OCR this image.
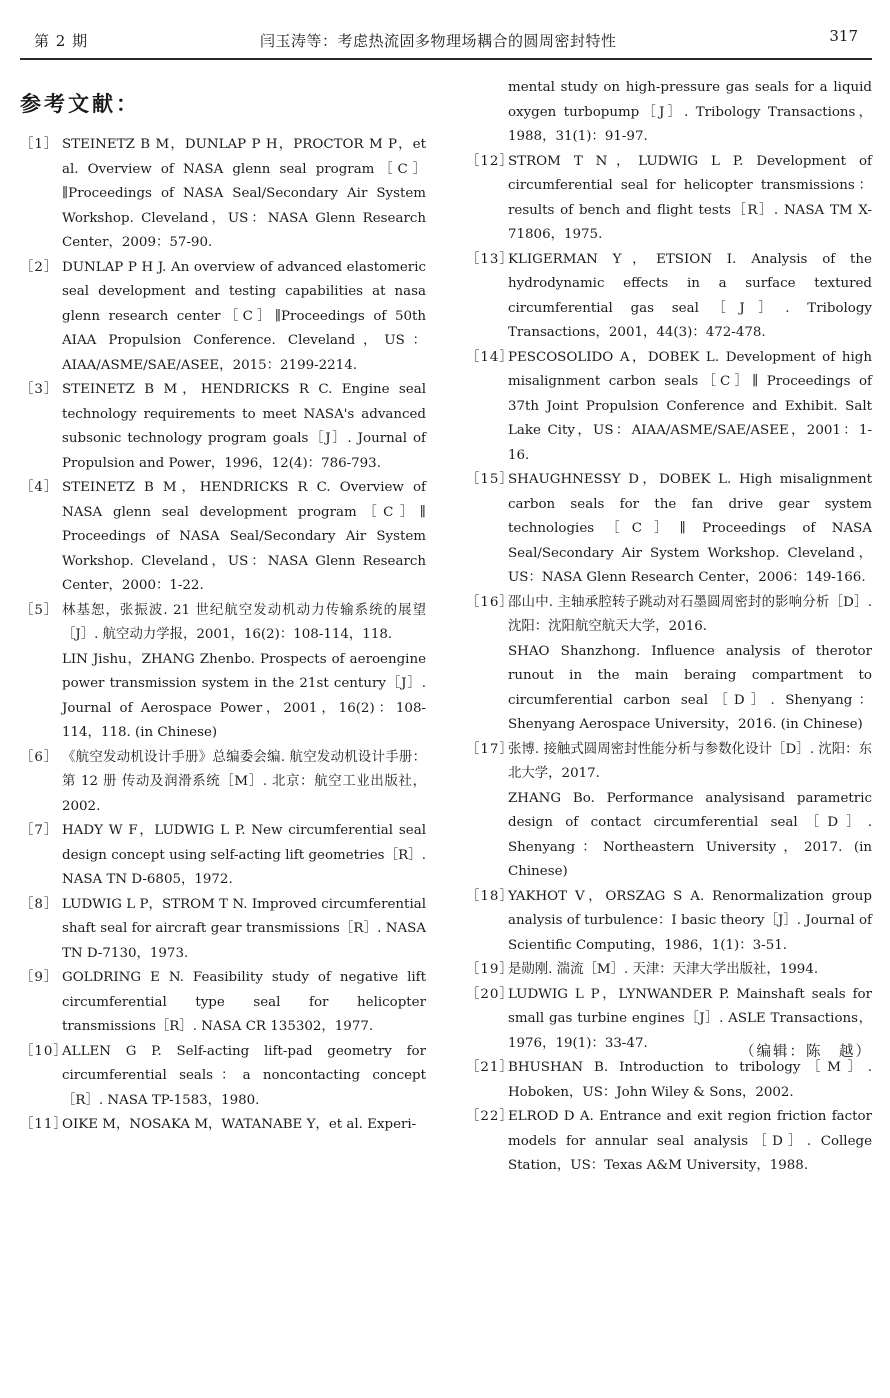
第 2 期	闫玉涛等：考虑热流固多物理场耦合的圆周密封特性	317
参考文献：
［1］ STEINETZ B M，DUNLAP P H，PROCTOR M P，et al. Overview of NASA glenn seal program［C］∥Proceedings of NASA Seal/Secondary Air System Workshop. Cleveland，US：NASA Glenn Research Center，2009：57-90.
［2］ DUNLAP P H J. An overview of advanced elastomeric seal development and testing capabilities at nasa glenn research center［C］∥Proceedings of 50th AIAA Propulsion Conference. Cleveland，US：AIAA/ASME/SAE/ASEE，2015：2199-2214.
［3］ STEINETZ B M，HENDRICKS R C. Engine seal technology requirements to meet NASA's advanced subsonic technology program goals［J］. Journal of Propulsion and Power，1996，12(4)：786-793.
［4］ STEINETZ B M，HENDRICKS R C. Overview of NASA glenn seal development program［C］∥ Proceedings of NASA Seal/Secondary Air System Workshop. Cleveland，US：NASA Glenn Research Center，2000：1-22.
［5］ 林基恕，张振波. 21 世纪航空发动机动力传输系统的展望［J］. 航空动力学报，2001，16(2)：108-114，118.
LIN Jishu，ZHANG Zhenbo. Prospects of aeroengine power transmission system in the 21st century［J］. Journal of Aerospace Power，2001，16(2)：108-114，118. (in Chinese)
［6］ 《航空发动机设计手册》总编委会编. 航空发动机设计手册：第 12 册 传动及润滑系统［M］. 北京：航空工业出版社，2002.
［7］ HADY W F，LUDWIG L P. New circumferential seal design concept using self-acting lift geometries［R］. NASA TN D-6805，1972.
［8］ LUDWIG L P，STROM T N. Improved circumferential shaft seal for aircraft gear transmissions［R］. NASA TN D-7130，1973.
［9］ GOLDRING E N. Feasibility study of negative lift circumferential type seal for helicopter transmissions［R］. NASA CR 135302，1977.
［10］
ALLEN G P. Self-acting lift-pad geometry for circumferential seals：a noncontacting concept［R］. NASA TP-1583，1980.
［11］
OIKE M，NOSAKA M，WATANABE Y，et al. Experi-
mental study on high-pressure gas seals for a liquid oxygen turbopump［J］. Tribology Transactions，1988，31(1)：91-97.
［12］
STROM T N，LUDWIG L P. Development of circumferential seal for helicopter transmissions：results of bench and flight tests［R］. NASA TM X-71806，1975.
［13］
KLIGERMAN Y，ETSION I. Analysis of the hydrodynamic effects in a surface textured circumferential gas seal［J］. Tribology Transactions，2001，44(3)：472-478.
［14］
PESCOSOLIDO A，DOBEK L. Development of high misalignment carbon seals［C］∥ Proceedings of 37th Joint Propulsion Conference and Exhibit. Salt Lake City，US：AIAA/ASME/SAE/ASEE，2001：1-16.
［15］
SHAUGHNESSY D，DOBEK L. High misalignment carbon seals for the fan drive gear system technologies［C］∥ Proceedings of NASA Seal/Secondary Air System Workshop. Cleveland，US：NASA Glenn Research Center，2006：149-166.
［16］
邵山中. 主轴承腔转子跳动对石墨圆周密封的影响分析［D］. 沈阳：沈阳航空航天大学，2016.
SHAO Shanzhong. Influence analysis of therotor runout in the main beraing compartment to circumferential carbon seal［D］. Shenyang：Shenyang Aerospace University，2016. (in Chinese)
［17］
张博. 接触式圆周密封性能分析与参数化设计［D］. 沈阳：东北大学，2017.
ZHANG Bo. Performance analysisand parametric design of contact circumferential seal［D］. Shenyang：Northeastern University，2017. (in Chinese)
［18］
YAKHOT V，ORSZAG S A. Renormalization group analysis of turbulence：Ⅰ basic theory［J］. Journal of Scientific Computing，1986，1(1)：3-51.
［19］
是勋刚. 湍流［M］. 天津：天津大学出版社，1994.
［20］
LUDWIG L P，LYNWANDER P. Mainshaft seals for small gas turbine engines［J］. ASLE Transactions，1976，19(1)：33-47.
［21］
BHUSHAN B. Introduction to tribology［M］. Hoboken，US：John Wiley & Sons，2002.
［22］
ELROD D A. Entrance and exit region friction factor models for annular seal analysis［D］. College Station，US：Texas A&M University，1988.
（编辑：陈　越）
